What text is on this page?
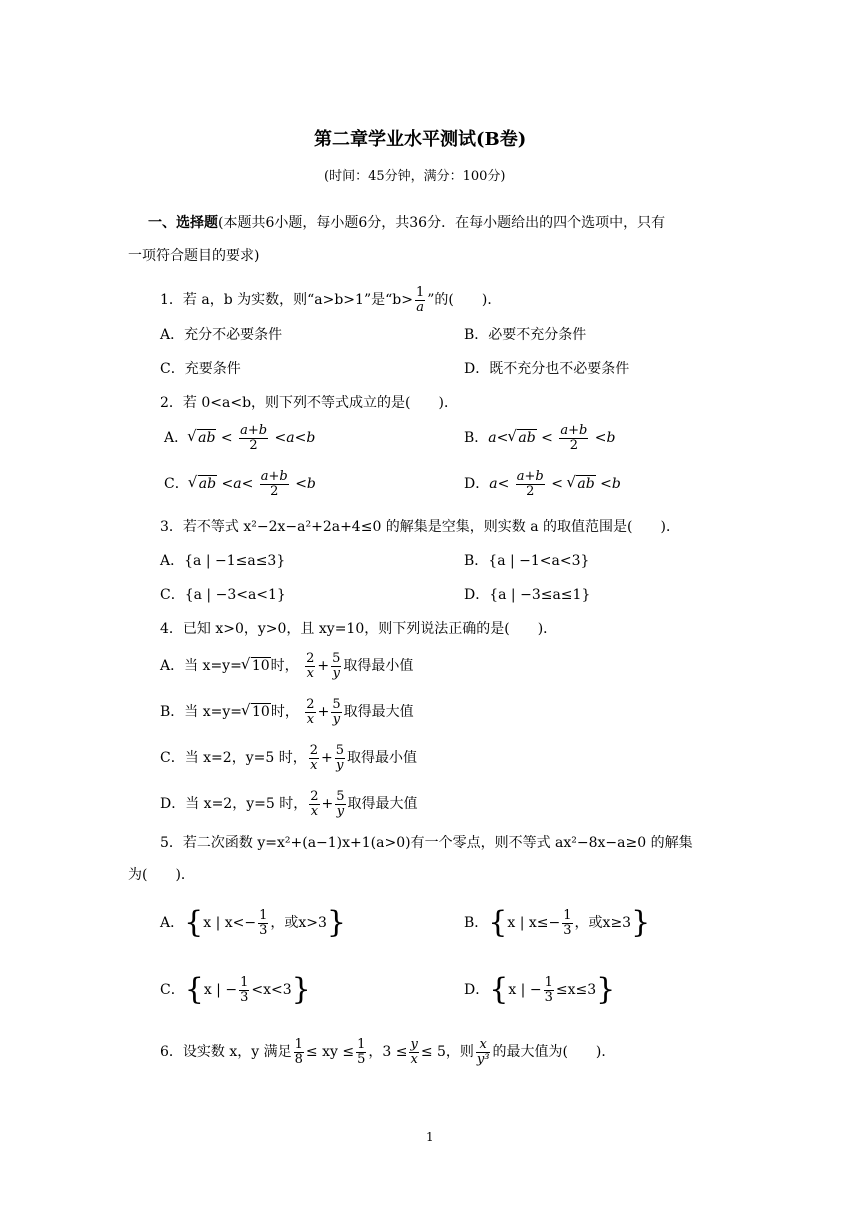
第二章学业水平测试(B卷)
(时间：45分钟，满分：100分)
一、选择题(本题共6小题，每小题6分，共36分．在每小题给出的四个选项中，只有
一项符合题目的要求)
1．若 a，b 为实数，则“a>b>1”是“$b> \frac{1}{a}$ ”的(　　)．
A．充分不必要条件	B．必要不充分条件
C．充要条件	D．既不充分也不必要条件
2．若 0<a<b，则下列不等式成立的是(　　)．
A． √ ab < $\frac{a+b}{2} <a<b$	B．a< √ ab < $\frac{a+b}{2} <b$
C． √ ab $<a< \frac{a+b}{2} <b$	D．$a< \frac{a+b}{2}$ < √ ab <b
3．若不等式 x²−2x−a²+2a+4≤0 的解集是空集，则实数 a 的取值范围是(　　)．
A．{a | −1≤a≤3}	B．{a | −1<a<3}
C．{a | −3<a<1}	D．{a | −3≤a≤1}
4．已知 x>0，y>0，且 xy=10，则下列说法正确的是(　　)．
A．当 x=y= √ 10时， $\frac{2}{x} + \frac{5}{y}$ 取得最小值
B．当 x=y= √ 10时， $\frac{2}{x} + \frac{5}{y}$ 取得最大值
C．当 x=2，y=5 时， $\frac{2}{x} + \frac{5}{y}$ 取得最小值
D．当 x=2，y=5 时， $\frac{2}{x} + \frac{5}{y}$ 取得最大值
5．若二次函数 y=x²+(a−1)x+1(a>0)有一个零点，则不等式 ax²−8x−a≥0 的解集
为(　　)．
A．{x | $x<- \frac{1}{3}$ ，或x>3}	B．{x | $x\le- \frac{1}{3}$ ，或x≥3}
C．{x | − $\frac{1}{3} <x<3$}	D．{x | − $\frac{1}{3} \le x\le 3$}
6．设实数 x，y 满足 $\frac{1}{8}$ ≤ xy ≤ $\frac{1}{5}$ ，$3 \le \frac{y}{x} \le 5$，则 $\frac{x}{\text{y³}}$ 的最大值为(　　)．
1
